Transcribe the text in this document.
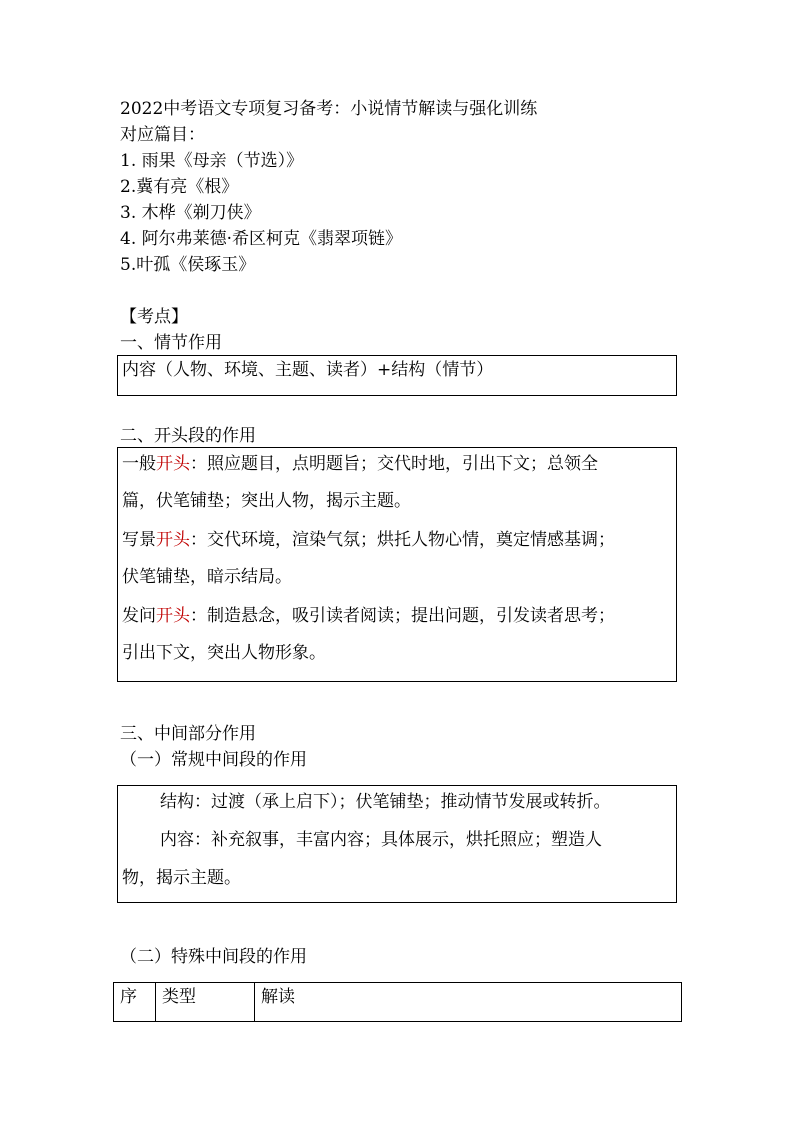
2022中考语文专项复习备考：小说情节解读与强化训练
对应篇目：
1. 雨果《母亲（节选）》
2.冀有亮《根》
3. 木桦《剃刀侠》
4. 阿尔弗莱德·希区柯克《翡翠项链》
5.叶孤《侯琢玉》
【考点】
一、情节作用
内容（人物、环境、主题、读者）+结构（情节）
二、开头段的作用
一般开头：照应题目，点明题旨；交代时地，引出下文；总领全
篇，伏笔铺垫；突出人物，揭示主题。
写景开头：交代环境，渲染气氛；烘托人物心情，奠定情感基调；
伏笔铺垫，暗示结局。
发问开头：制造悬念，吸引读者阅读；提出问题，引发读者思考；
引出下文，突出人物形象。
三、中间部分作用
（一）常规中间段的作用
结构：过渡（承上启下）；伏笔铺垫；推动情节发展或转折。
内容：补充叙事，丰富内容；具体展示，烘托照应；塑造人
物，揭示主题。
（二）特殊中间段的作用
序	类型	解读
